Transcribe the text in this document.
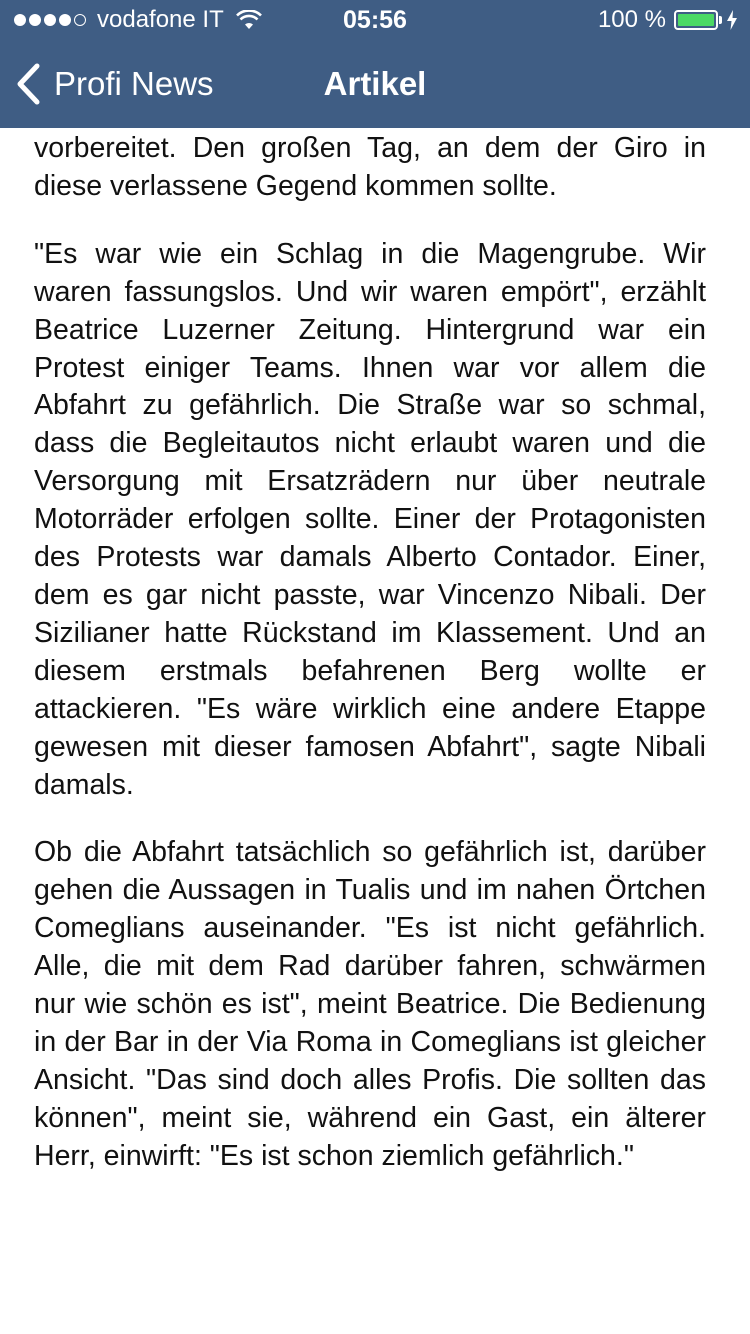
vodafone IT	05:56	100 %
Profi News	Artikel

vorbereitet. Den großen Tag, an dem der Giro in diese verlassene Gegend kommen sollte.

"Es war wie ein Schlag in die Magengrube. Wir waren fassungslos. Und wir waren empört", erzählt Beatrice Luzerner Zeitung. Hintergrund war ein Protest einiger Teams. Ihnen war vor allem die Abfahrt zu gefährlich. Die Straße war so schmal, dass die Begleitautos nicht erlaubt waren und die Versorgung mit Ersatzrädern nur über neutrale Motorräder erfolgen sollte. Einer der Protagonisten des Protests war damals Alberto Contador. Einer, dem es gar nicht passte, war Vincenzo Nibali. Der Sizilianer hatte Rückstand im Klassement. Und an diesem erstmals befahrenen Berg wollte er attackieren. "Es wäre wirklich eine andere Etappe gewesen mit dieser famosen Abfahrt", sagte Nibali damals.

Ob die Abfahrt tatsächlich so gefährlich ist, darüber gehen die Aussagen in Tualis und im nahen Örtchen Comeglians auseinander. "Es ist nicht gefährlich. Alle, die mit dem Rad darüber fahren, schwärmen nur wie schön es ist", meint Beatrice. Die Bedienung in der Bar in der Via Roma in Comeglians ist gleicher Ansicht. "Das sind doch alles Profis. Die sollten das können", meint sie, während ein Gast, ein älterer Herr, einwirft: "Es ist schon ziemlich gefährlich."
